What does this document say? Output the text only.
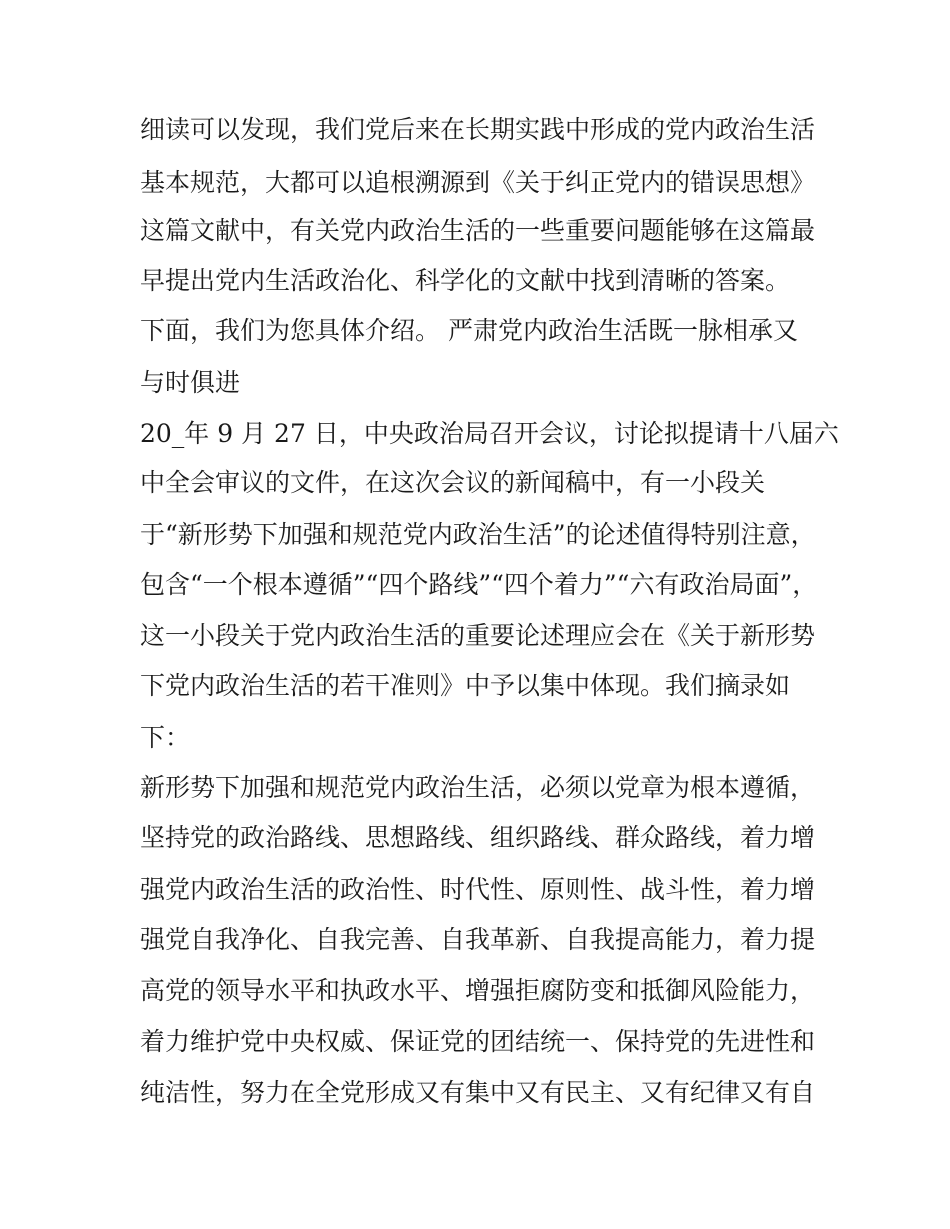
细读可以发现，我们党后来在长期实践中形成的党内政治生活
基本规范，大都可以追根溯源到《关于纠正党内的错误思想》
这篇文献中，有关党内政治生活的一些重要问题能够在这篇最
早提出党内生活政治化、科学化的文献中找到清晰的答案。
下面，我们为您具体介绍。 严肃党内政治生活既一脉相承又
与时俱进
20_年 9 月 27 日，中央政治局召开会议，讨论拟提请十八届六
中全会审议的文件，在这次会议的新闻稿中，有一小段关
于“新形势下加强和规范党内政治生活”的论述值得特别注意，
包含“一个根本遵循”“四个路线”“四个着力”“六有政治局面”，
这一小段关于党内政治生活的重要论述理应会在《关于新形势
下党内政治生活的若干准则》中予以集中体现。我们摘录如
下：
新形势下加强和规范党内政治生活，必须以党章为根本遵循，
坚持党的政治路线、思想路线、组织路线、群众路线，着力增
强党内政治生活的政治性、时代性、原则性、战斗性，着力增
强党自我净化、自我完善、自我革新、自我提高能力，着力提
高党的领导水平和执政水平、增强拒腐防变和抵御风险能力，
着力维护党中央权威、保证党的团结统一、保持党的先进性和
纯洁性，努力在全党形成又有集中又有民主、又有纪律又有自
